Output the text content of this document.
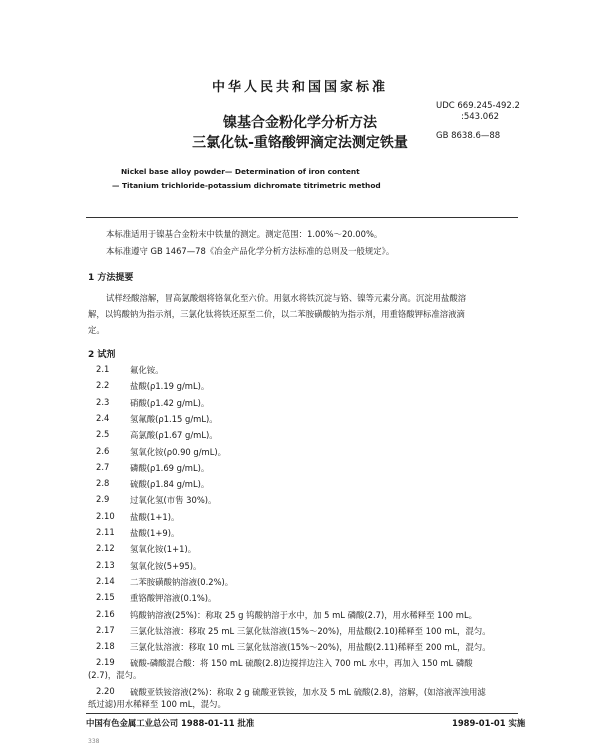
中华人民共和国国家标准
镍基合金粉化学分析方法
三氯化钛-重铬酸钾滴定法测定铁量
UDC 669.245-492.2
:543.062
GB 8638.6—88
Nickel base alloy powder— Determination of iron content
— Titanium trichloride-potassium dichromate titrimetric method
本标准适用于镍基合金粉末中铁量的测定。测定范围：1.00%～20.00%。
本标准遵守 GB 1467—78《冶金产品化学分析方法标准的总则及一般规定》。
1 方法提要
试样经酸溶解，冒高氯酸烟将铬氧化至六价。用氨水将铁沉淀与铬、镍等元素分离。沉淀用盐酸溶
解，以钨酸钠为指示剂，三氯化钛将铁还原至二价，以二苯胺磺酸钠为指示剂，用重铬酸钾标准溶液滴
定。
2 试剂
2.1 氟化铵。
2.2 盐酸(ρ1.19 g/mL)。
2.3 硝酸(ρ1.42 g/mL)。
2.4 氢氟酸(ρ1.15 g/mL)。
2.5 高氯酸(ρ1.67 g/mL)。
2.6 氢氧化铵(ρ0.90 g/mL)。
2.7 磷酸(ρ1.69 g/mL)。
2.8 硫酸(ρ1.84 g/mL)。
2.9 过氧化氢(市售 30%)。
2.10 盐酸(1+1)。
2.11 盐酸(1+9)。
2.12 氢氧化铵(1+1)。
2.13 氢氧化铵(5+95)。
2.14 二苯胺磺酸钠溶液(0.2%)。
2.15 重铬酸钾溶液(0.1%)。
2.16 钨酸钠溶液(25%)：称取 25 g 钨酸钠溶于水中，加 5 mL 磷酸(2.7)，用水稀释至 100 mL。
2.17 三氯化钛溶液：移取 25 mL 三氯化钛溶液(15%～20%)，用盐酸(2.10)稀释至 100 mL，混匀。
2.18 三氯化钛溶液：移取 10 mL 三氯化钛溶液(15%～20%)，用盐酸(2.11)稀释至 200 mL，混匀。
2.19 硫酸-磷酸混合酸：将 150 mL 硫酸(2.8)边搅拌边注入 700 mL 水中，再加入 150 mL 磷酸
(2.7)，混匀。
2.20 硫酸亚铁铵溶液(2%)：称取 2 g 硫酸亚铁铵，加水及 5 mL 硫酸(2.8)，溶解，(如溶液浑浊用滤
纸过滤)用水稀释至 100 mL，混匀。
中国有色金属工业总公司 1988-01-11 批准	1989-01-01 实施
338
